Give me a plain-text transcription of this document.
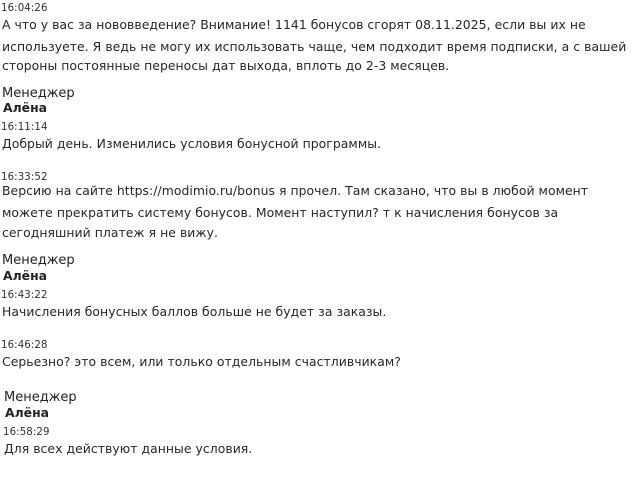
16:04:26
А что у вас за нововведение? Внимание! 1141 бонусов сгорят 08.11.2025, если вы их не
используете. Я ведь не могу их использовать чаще, чем подходит время подписки, а с вашей
стороны постоянные переносы дат выхода, вплоть до 2-3 месяцев.
Менеджер
Алёна
16:11:14
Добрый день. Изменились условия бонусной программы.
16:33:52
Версию на сайте https://modimio.ru/bonus я прочел. Там сказано, что вы в любой момент
можете прекратить систему бонусов. Момент наступил? т к начисления бонусов за
сегодняшний платеж я не вижу.
Менеджер
Алёна
16:43:22
Начисления бонусных баллов больше не будет за заказы.
16:46:28
Серьезно? это всем, или только отдельным счастливчикам?
Менеджер
Алёна
16:58:29
Для всех действуют данные условия.
